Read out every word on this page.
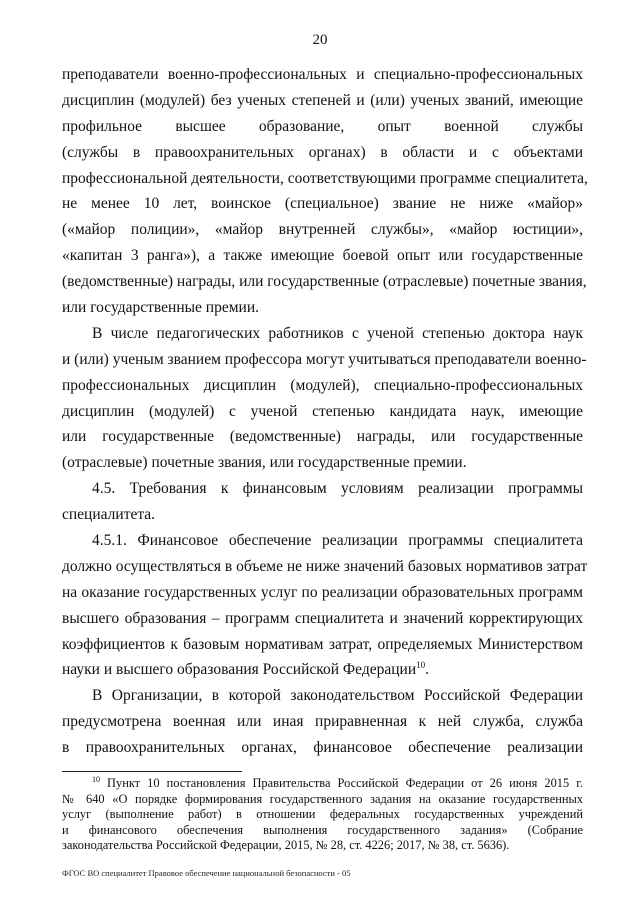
20
преподаватели военно-профессиональных и специально-профессиональных
дисциплин (модулей) без ученых степеней и (или) ученых званий, имеющие
профильное высшее образование, опыт военной службы
(службы в правоохранительных органах) в области и с объектами
профессиональной деятельности, соответствующими программе специалитета,
не менее 10 лет, воинское (специальное) звание не ниже «майор»
(«майор полиции», «майор внутренней службы», «майор юстиции»,
«капитан 3 ранга»), а также имеющие боевой опыт или государственные
(ведомственные) награды, или государственные (отраслевые) почетные звания,
или государственные премии.
В числе педагогических работников с ученой степенью доктора наук
и (или) ученым званием профессора могут учитываться преподаватели военно-
профессиональных дисциплин (модулей), специально-профессиональных
дисциплин (модулей) с ученой степенью кандидата наук, имеющие
или государственные (ведомственные) награды, или государственные
(отраслевые) почетные звания, или государственные премии.
4.5. Требования к финансовым условиям реализации программы
специалитета.
4.5.1. Финансовое обеспечение реализации программы специалитета
должно осуществляться в объеме не ниже значений базовых нормативов затрат
на оказание государственных услуг по реализации образовательных программ
высшего образования – программ специалитета и значений корректирующих
коэффициентов к базовым нормативам затрат, определяемых Министерством
науки и высшего образования Российской Федерации$^{10}$.
В Организации, в которой законодательством Российской Федерации
предусмотрена военная или иная приравненная к ней служба, служба
в правоохранительных органах, финансовое обеспечение реализации
$^{10}$ Пункт 10 постановления Правительства Российской Федерации от 26 июня 2015 г.
№ 640 «О порядке формирования государственного задания на оказание государственных
услуг (выполнение работ) в отношении федеральных государственных учреждений
и финансового обеспечения выполнения государственного задания» (Собрание
законодательства Российской Федерации, 2015, № 28, ст. 4226; 2017, № 38, ст. 5636).
ФГОС ВО специалитет Правовое обеспечение национальной безопасности - 05
